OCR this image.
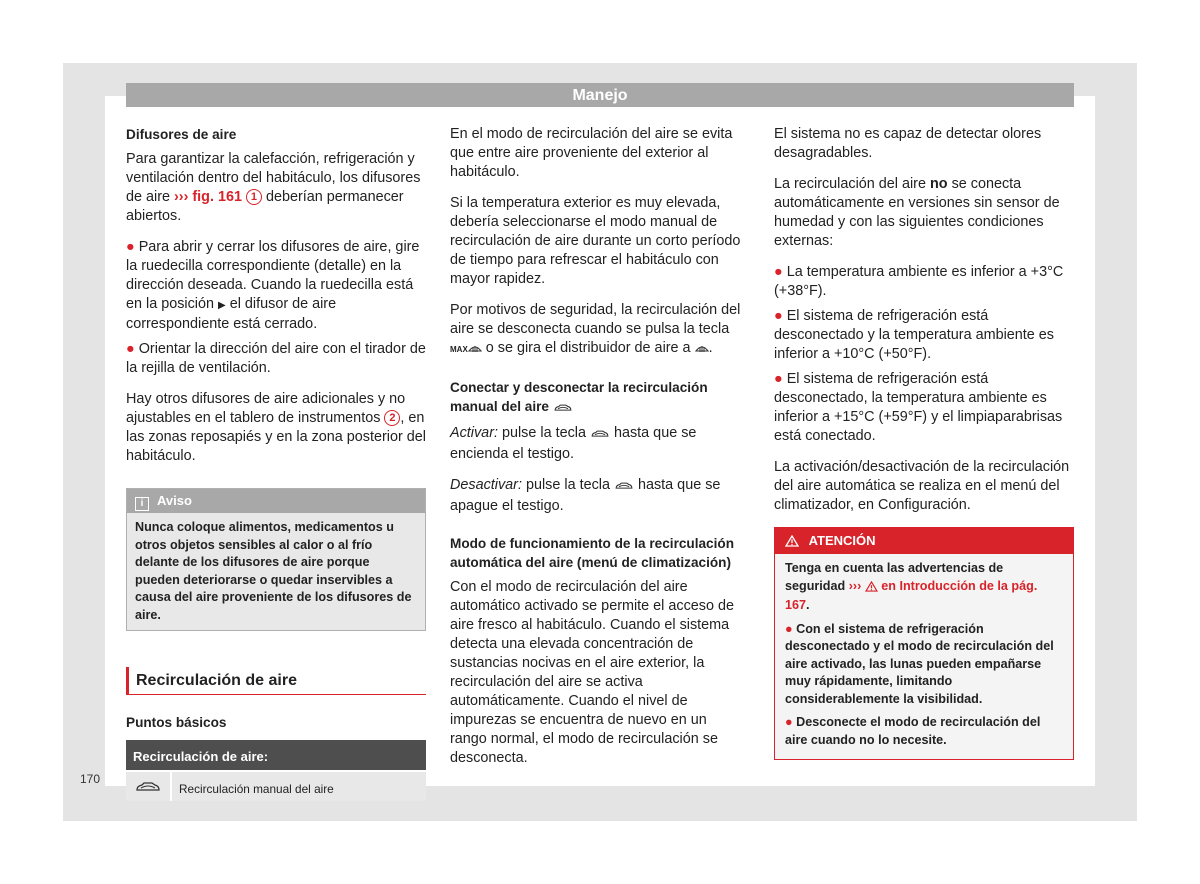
Manejo
Difusores de aire

Para garantizar la calefacción, refrigeración y ventilación dentro del habitáculo, los difusores de aire ››› fig. 161 1 deberían permanecer abiertos.

● Para abrir y cerrar los difusores de aire, gire la ruedecilla correspondiente (detalle) en la dirección deseada. Cuando la ruedecilla está en la posición ▶ el difusor de aire correspondiente está cerrado.

● Orientar la dirección del aire con el tirador de la rejilla de ventilación.

Hay otros difusores de aire adicionales y no ajustables en el tablero de instrumentos 2 , en las zonas reposapiés y en la zona posterior del habitáculo.

i Aviso
Nunca coloque alimentos, medicamentos u otros objetos sensibles al calor o al frío delante de los difusores de aire porque pueden deteriorarse o quedar inservibles a causa del aire proveniente de los difusores de aire.
Recirculación de aire
Puntos básicos
Recirculación de aire:
Recirculación manual del aire

En el modo de recirculación del aire se evita que entre aire proveniente del exterior al habitáculo.

Si la temperatura exterior es muy elevada, debería seleccionarse el modo manual de recirculación de aire durante un corto período de tiempo para refrescar el habitáculo con mayor rapidez.

Por motivos de seguridad, la recirculación del aire se desconecta cuando se pulsa la tecla MAX o se gira el distribuidor de aire a .

Conectar y desconectar la recirculación manual del aire

Activar: pulse la tecla  hasta que se encienda el testigo.

Desactivar: pulse la tecla  hasta que se apague el testigo.

Modo de funcionamiento de la recirculación automática del aire (menú de climatización)

Con el modo de recirculación del aire automático activado se permite el acceso de aire fresco al habitáculo. Cuando el sistema detecta una elevada concentración de sustancias nocivas en el aire exterior, la recirculación del aire se activa automáticamente. Cuando el nivel de impurezas se encuentra de nuevo en un rango normal, el modo de recirculación se desconecta.

El sistema no es capaz de detectar olores desagradables.

La recirculación del aire no se conecta automáticamente en versiones sin sensor de humedad y con las siguientes condiciones externas:

● La temperatura ambiente es inferior a +3°C (+38°F).

● El sistema de refrigeración está desconectado y la temperatura ambiente es inferior a +10°C (+50°F).

● El sistema de refrigeración está desconectado, la temperatura ambiente es inferior a +15°C (+59°F) y el limpiaparabrisas está conectado.

La activación/desactivación de la recirculación del aire automática se realiza en el menú del climatizador, en Configuración.

ATENCIÓN

Tenga en cuenta las advertencias de seguridad ›››  en Introducción de la pág. 167.

● Con el sistema de refrigeración desconectado y el modo de recirculación del aire activado, las lunas pueden empañarse muy rápidamente, limitando considerablemente la visibilidad.

● Desconecte el modo de recirculación del aire cuando no lo necesite.

170
